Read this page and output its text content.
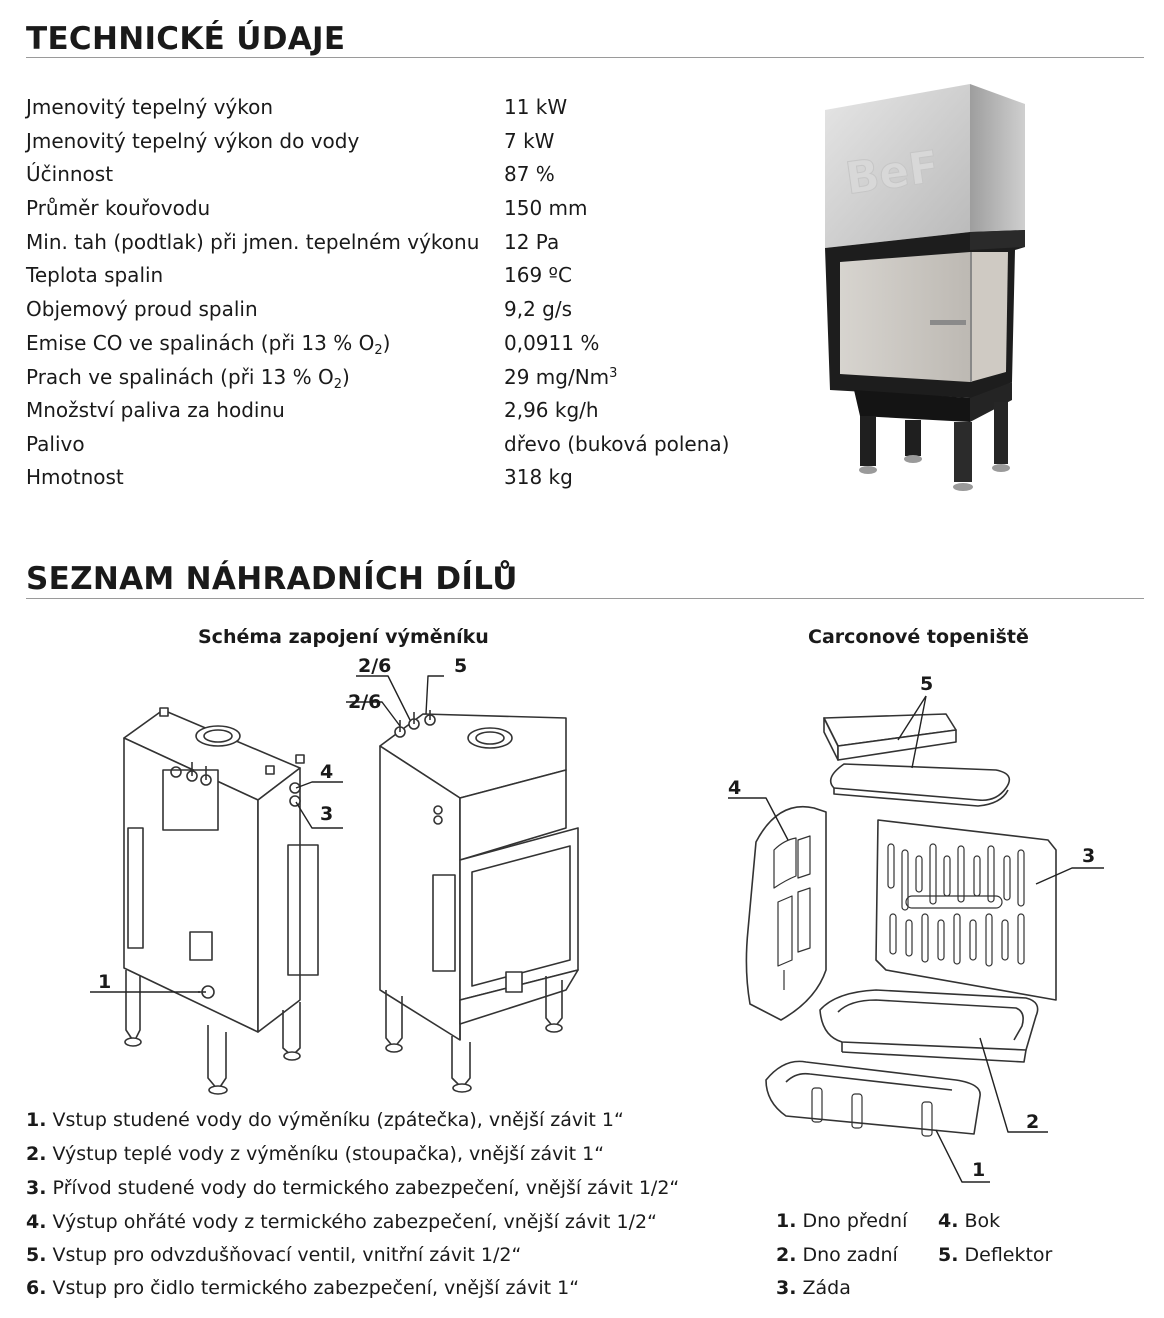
TECHNICKÉ ÚDAJE
Jmenovitý tepelný výkon	11 kW
Jmenovitý tepelný výkon do vody	7 kW
Účinnost	87 %
Průměr kouřovodu	150 mm
Min. tah (podtlak) při jmen. tepelném výkonu 12 Pa
Teplota spalin	169 ºC
Objemový proud spalin	9,2 g/s
Emise CO ve spalinách (při 13 % $O_2$)	0,0911 %
Prach ve spalinách (při 13 % $O_2$)	29 mg/Nm$^3$
Množství paliva za hodinu	2,96 kg/h
Palivo	dřevo (buková polena)
Hmotnost	318 kg
BeF
SEZNAM NÁHRADNÍCH DÍLŮ
Schéma zapojení výměníku	Carconové topeniště
1
2/6
2/6
5
4
3
5
4
3
2
1
1. Vstup studené vody do výměníku (zpátečka), vnější závit 1“
2. Výstup teplé vody z výměníku (stoupačka), vnější závit 1“
3. Přívod studené vody do termického zabezpečení, vnější závit 1/2“
4. Výstup ohřáté vody z termického zabezpečení, vnější závit 1/2“
5. Vstup pro odvzdušňovací ventil, vnitřní závit 1/2“
6. Vstup pro čidlo termického zabezpečení, vnější závit 1“
1. Dno přední
2. Dno zadní
3. Záda
4. Bok
5. Deflektor
